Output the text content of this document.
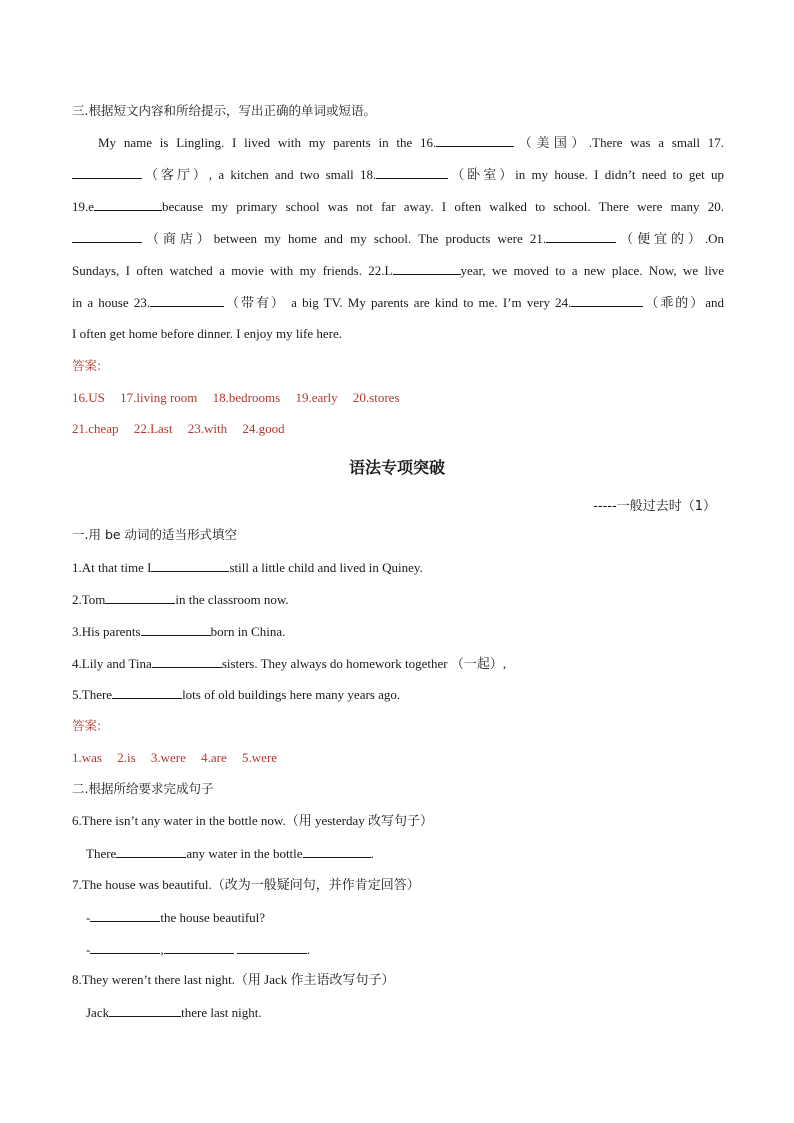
三.根据短文内容和所给提示，写出正确的单词或短语。
My name is Lingling. I lived with my parents in the 16.	（美国）.There was a small 17.
（客厅）, a kitchen and two small 18.	（卧室）in my house. I didn’t need to get up
19.e	because my primary school was not far away. I often walked to school. There were many 20.
（商店）between my home and my school. The products were 21.	（便宜的）.On
Sundays, I often watched a movie with my friends. 22.L	year, we moved to a new place. Now, we live
in a house 23.	（带有） a big TV. My parents are kind to me. I’m very 24.	（乖的）and
I often get home before dinner. I enjoy my life here.
答案:
16.US 17.living room 18.bedrooms 19.early 20.stores
21.cheap 22.Last 23.with 24.good
语法专项突破
-----一般过去时（1）
一.用 be 动词的适当形式填空
1.At that time I	still a little child and lived in Quiney.
2.Tom	in the classroom now.
3.His parents	born in China.
4.Lily and Tina	sisters. They always do homework together （一起）,
5.There	lots of old buildings here many years ago.
答案:
1.was 2.is 3.were 4.are 5.were
二.根据所给要求完成句子
6.There isn’t any water in the bottle now.（用 yesterday 改写句子）
There	any water in the bottle	.
7.The house was beautiful.（改为一般疑问句，并作肯定回答）
-	the house beautiful?
-	,	.
8.They weren’t there last night.（用 Jack 作主语改写句子）
Jack	there last night.
